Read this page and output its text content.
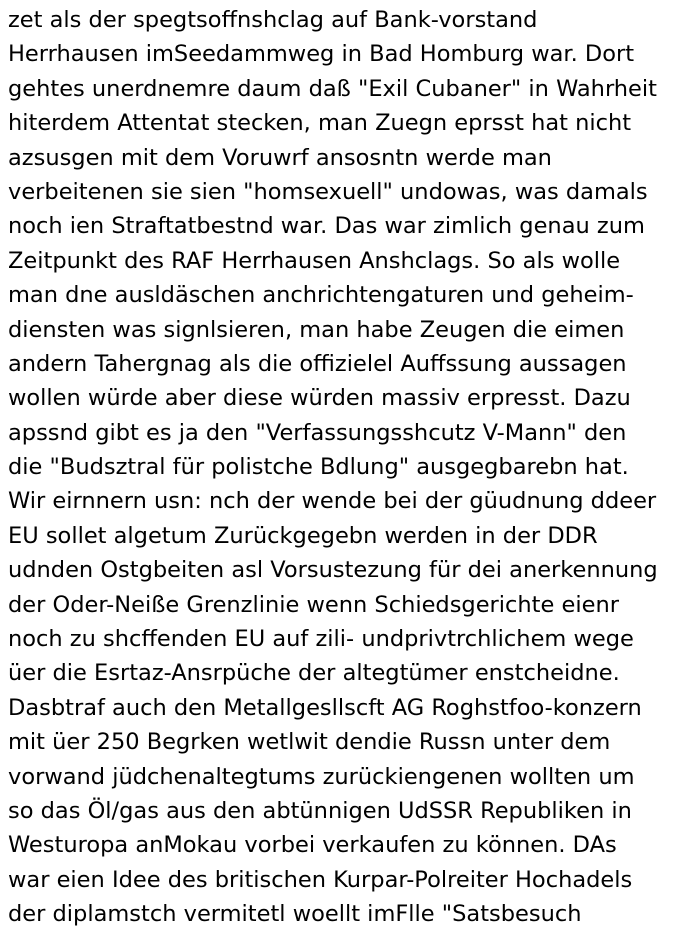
zet als der spegtsoffnshclag auf Bank-vorstand
Herrhausen imSeedammweg in Bad Homburg war. Dort
gehtes unerdnemre daum daß "Exil Cubaner" in Wahrheit
hiterdem Attentat stecken, man Zuegn eprsst hat nicht
azsusgen mit dem Voruwrf ansosntn werde man
verbeitenen sie sien "homsexuell" undowas, was damals
noch ien Straftatbestnd war. Das war zimlich genau zum
Zeitpunkt des RAF Herrhausen Anshclags. So als wolle
man dne ausldäschen anchrichtengaturen und geheim-
diensten was signlsieren, man habe Zeugen die eimen
andern Tahergnag als die offizielel Auffssung aussagen
wollen würde aber diese würden massiv erpresst. Dazu
apssnd gibt es ja den "Verfassungsshcutz V-Mann" den
die "Budsztral für polistche Bdlung" ausgegbarebn hat.
Wir eirnnern usn: nch der wende bei der güudnung ddeer
EU sollet algetum Zurückgegebn werden in der DDR
udnden Ostgbeiten asl Vorsustezung für dei anerkennung
der Oder-Neiße Grenzlinie wenn Schiedsgerichte eienr
noch zu shcffenden EU auf zili- undprivtrchlichem wege
üer die Esrtaz-Ansrpüche der altegtümer enstcheidne.
Dasbtraf auch den Metallgesllscft AG Roghstfoo-konzern
mit üer 250 Begrken wetlwit dendie Russn unter dem
vorwand jüdchenaltegtums zurückiengenen wollten um
so das Öl/gas aus den abtünnigen UdSSR Republiken in
Westuropa anMokau vorbei verkaufen zu können. DAs
war eien Idee des britischen Kurpar-Polreiter Hochadels
der diplamstch vermitetl woellt imFlle "Satsbesuch
